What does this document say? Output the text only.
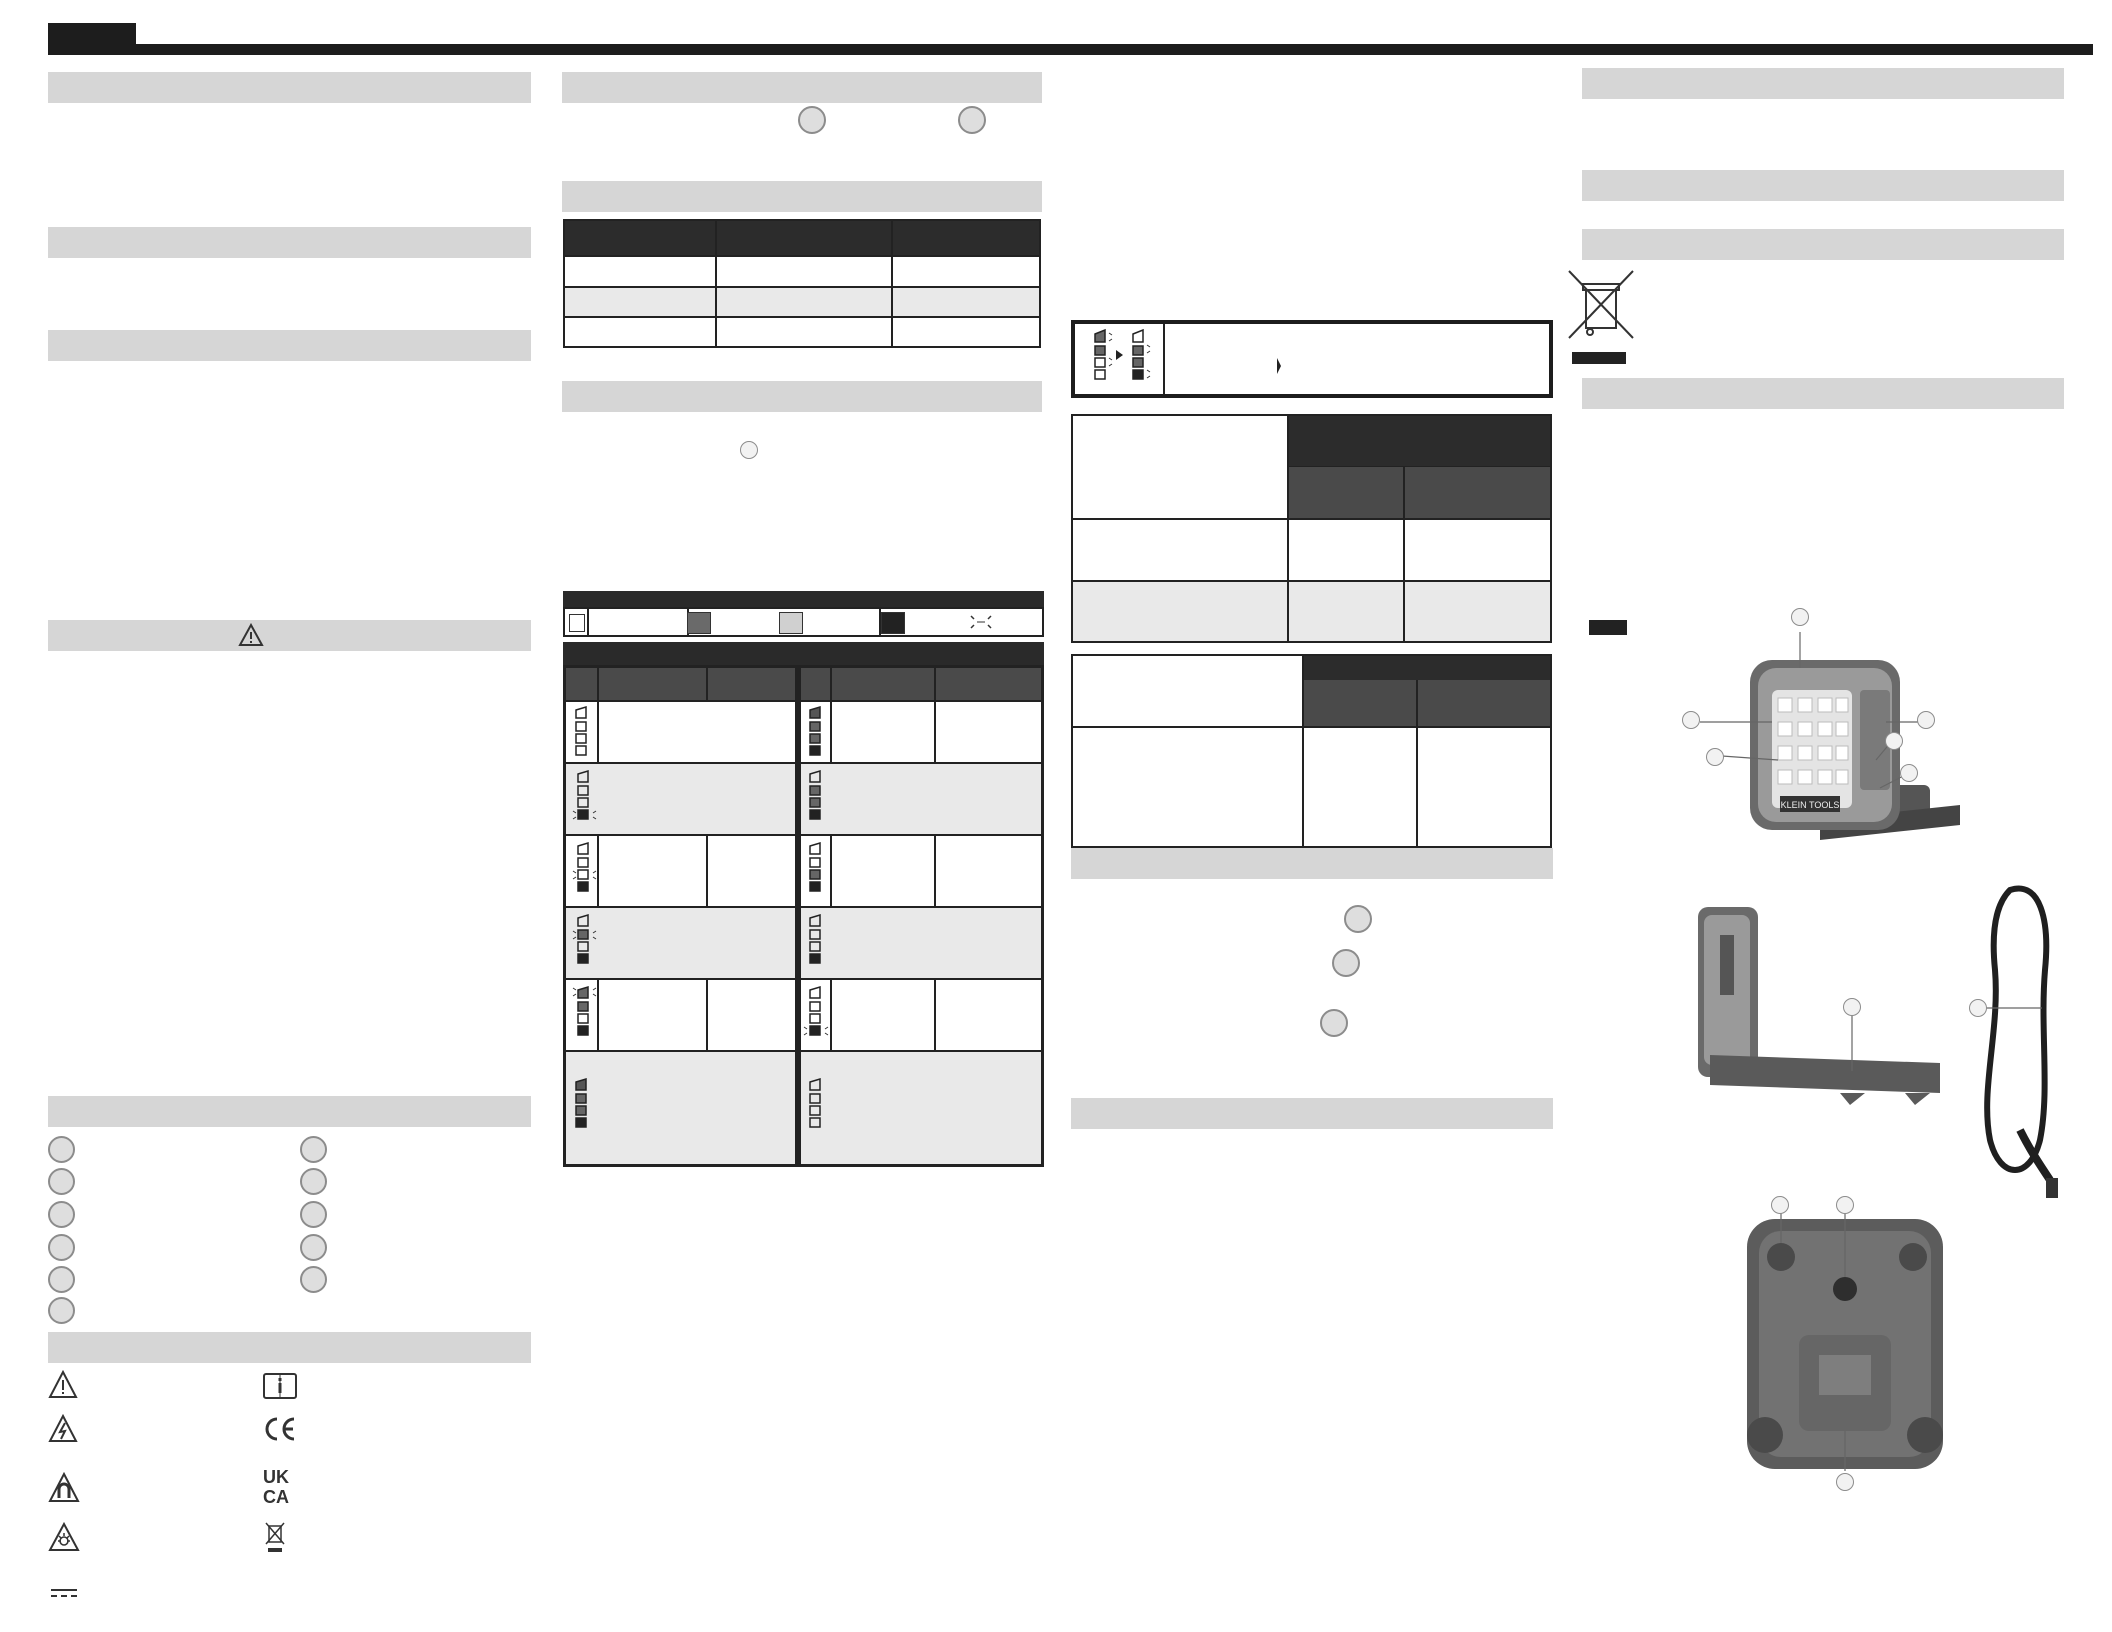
UK
CA

KLEIN TOOLS
